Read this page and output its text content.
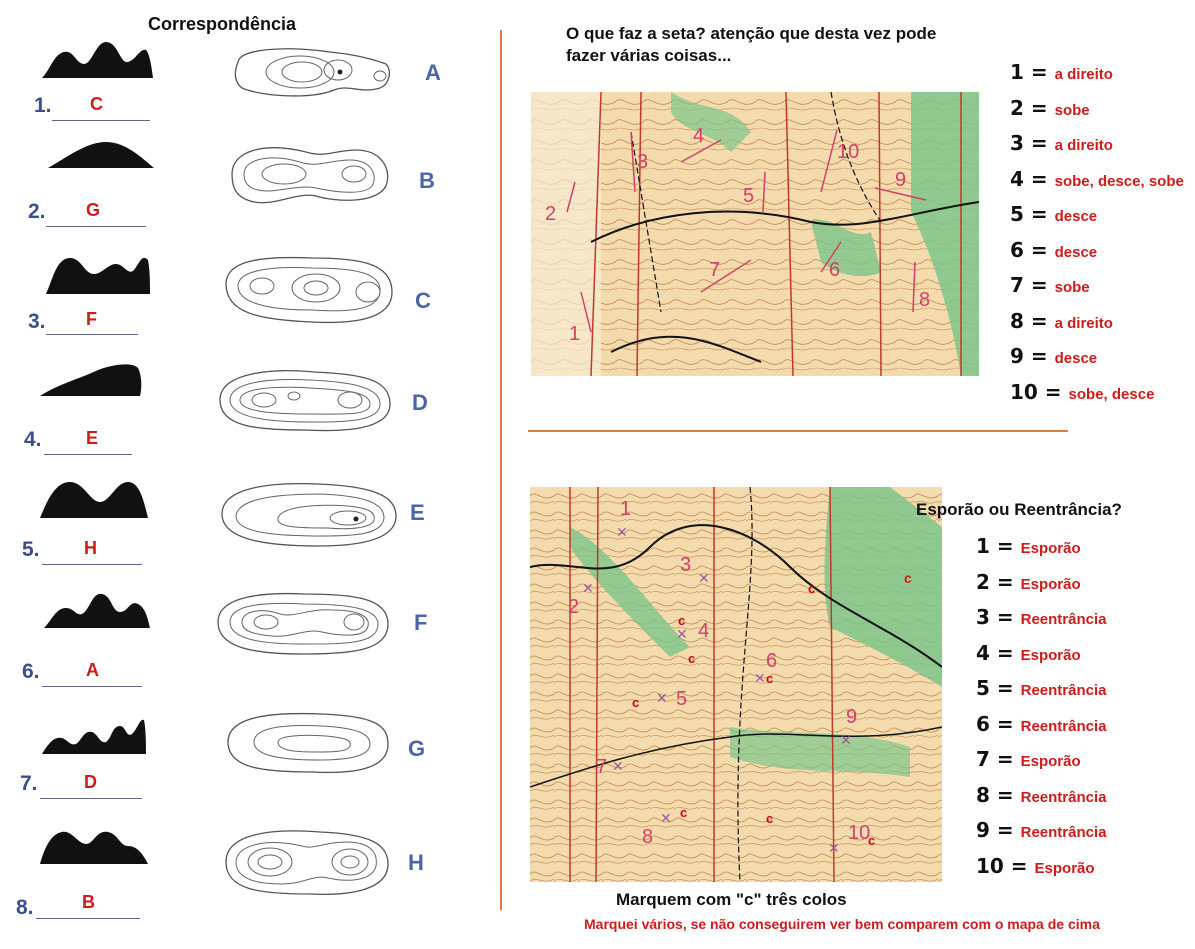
Correspondência
1. C
2. G
3. F
4. E
5. H
6.	A
7.	D
8.	B
A
B
C
D
E
F
G
H
O que faz a seta? atenção que desta vez pode
fazer várias coisas...
1
2
3
4
5
6
7
8
9
10
1 = a direito
2 = sobe
3 = a direito
4 = sobe, desce, sobe
5 = desce
6 = desce
7 = sobe
8 = a direito
9 = desce
10 = sobe, desce
1
2
3
4
5
6
7
8
9
10
✕
✕
✕
✕
✕
✕
✕
✕
✕
✕
c
c
c
c
c
c	c
c
c
Esporão ou Reentrância?
1 = Esporão
2 = Esporão
3 = Reentrância
4 = Esporão
5 = Reentrância
6 = Reentrância
7 = Esporão
8 = Reentrância
9 = Reentrância
10 = Esporão
Marquem com "c" três colos
Marquei vários, se não conseguirem ver bem comparem com o mapa de cima
